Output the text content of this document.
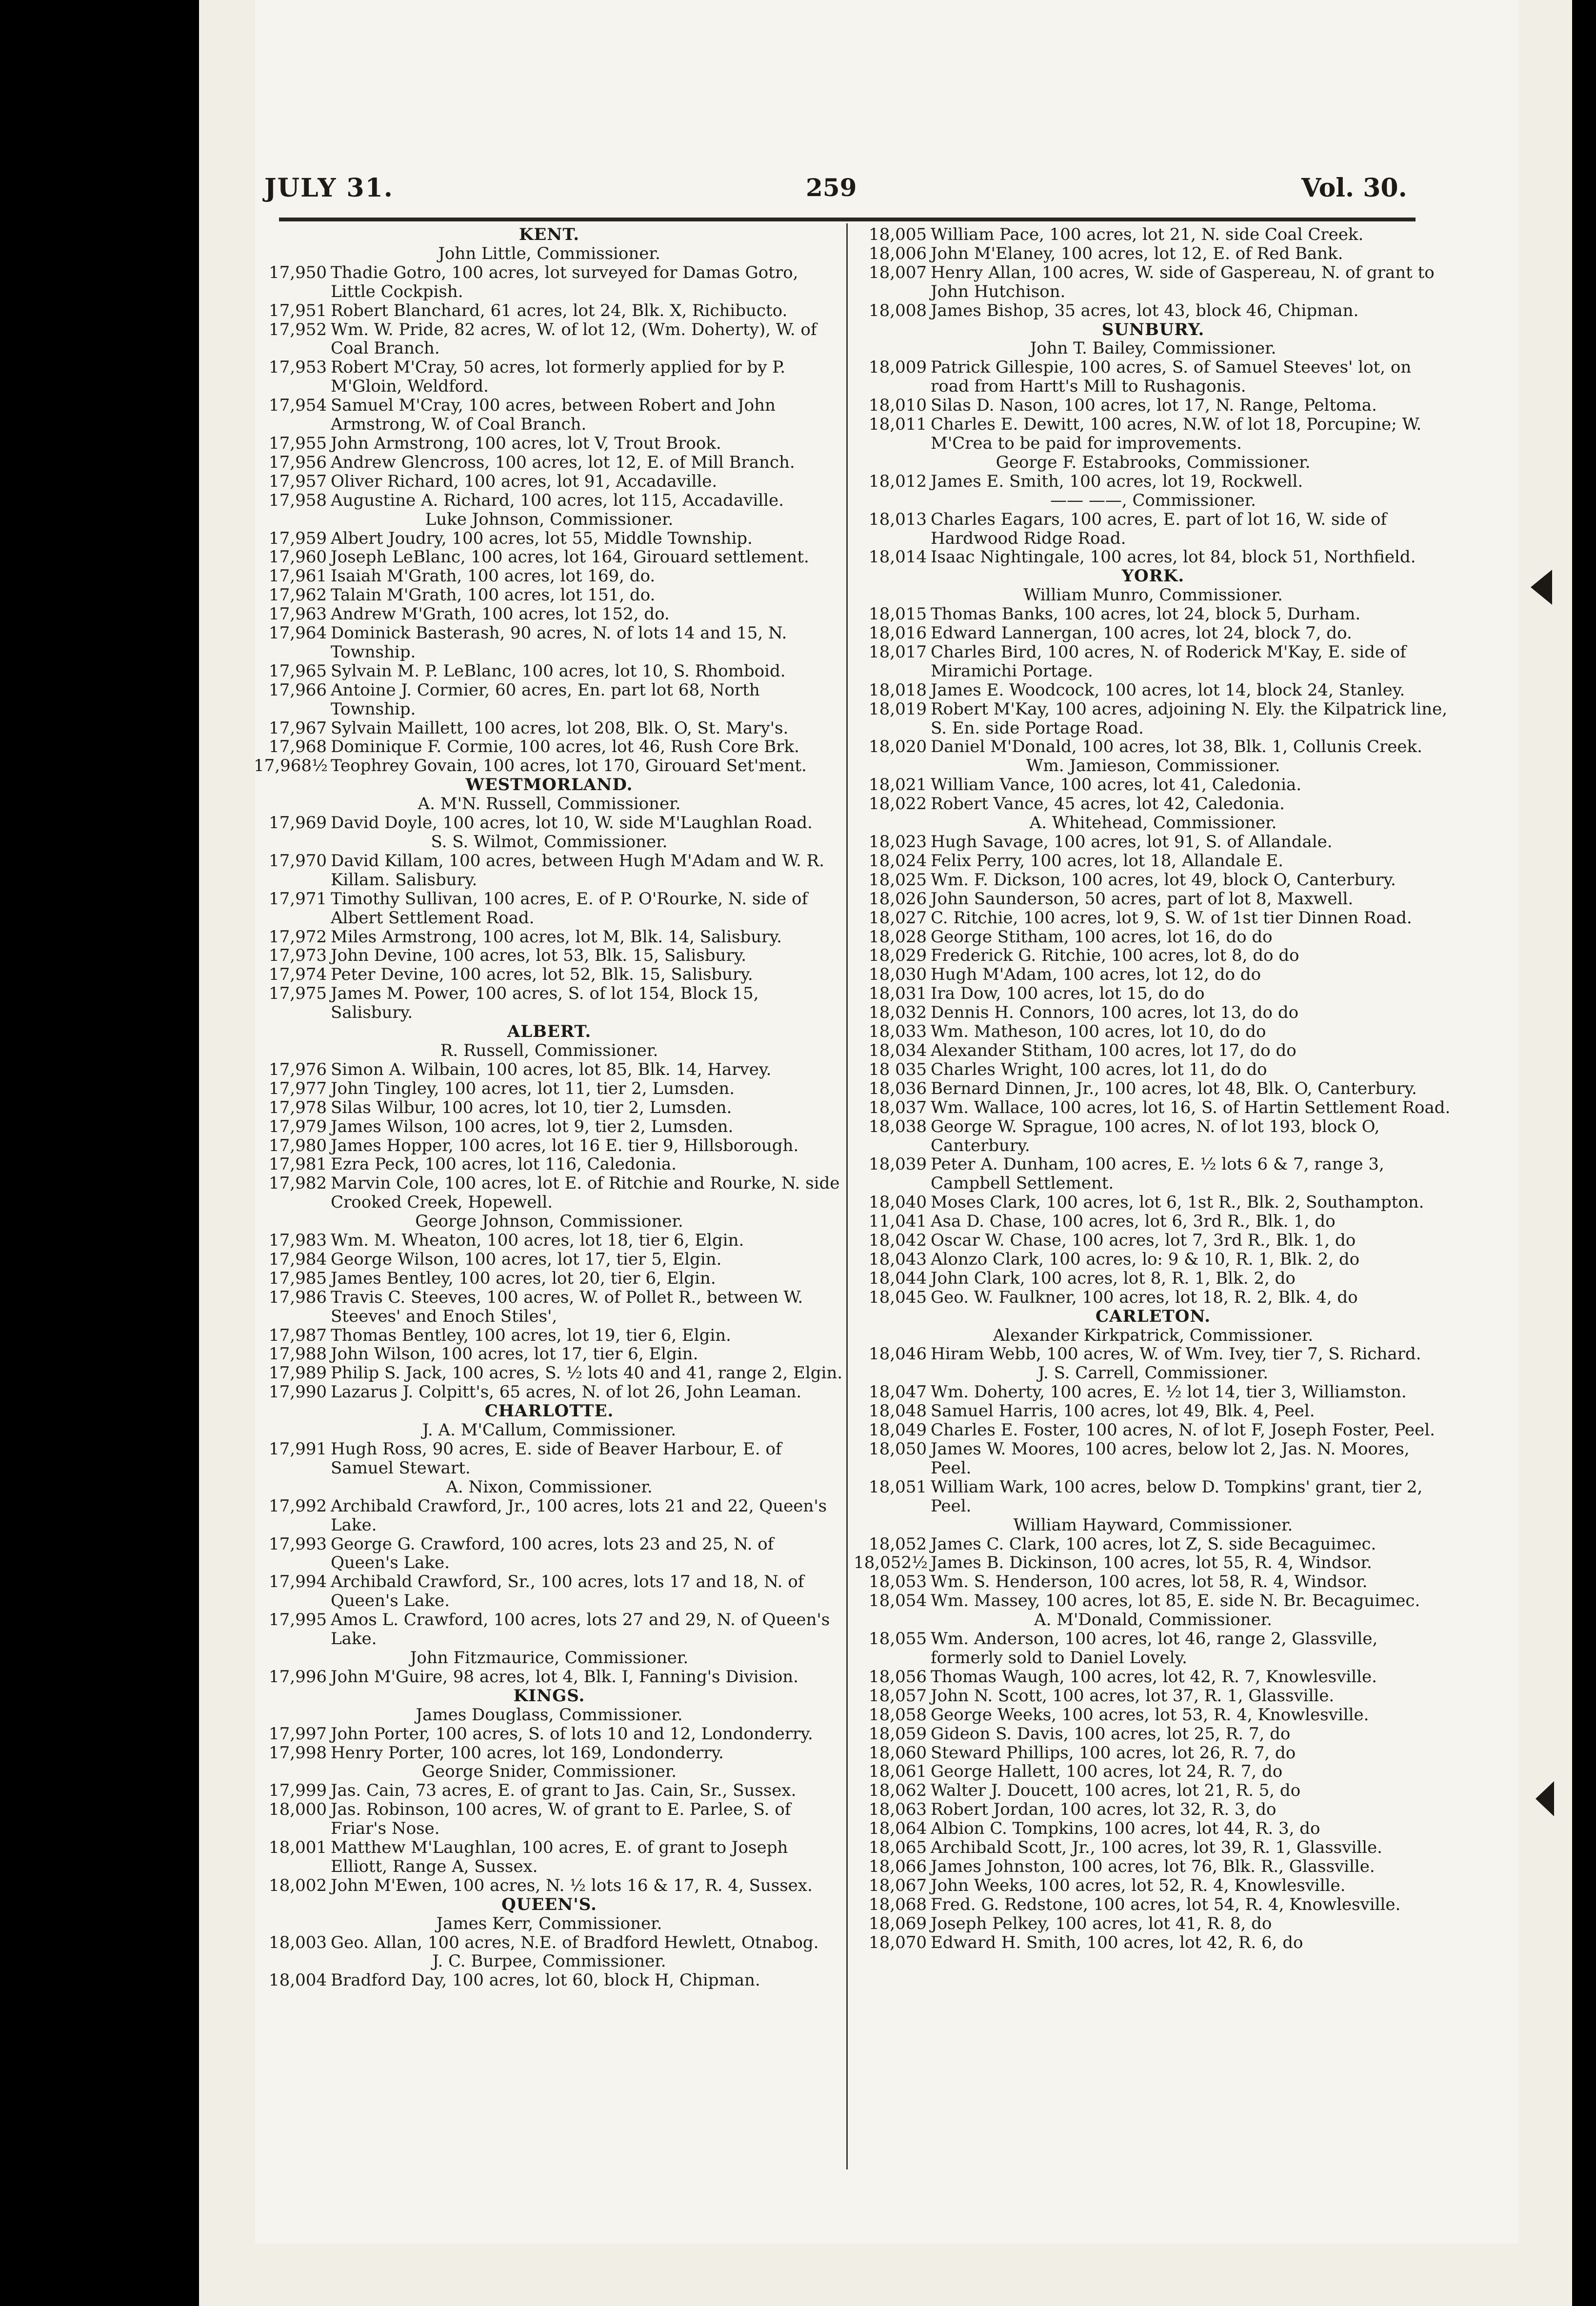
JULY 31.	259	Vol. 30.
KENT.
John Little, Commissioner.
17,950 Thadie Gotro, 100 acres, lot surveyed for Damas Gotro, Little Cockpish.
17,951 Robert Blanchard, 61 acres, lot 24, Blk. X, Richibucto.
17,952 Wm. W. Pride, 82 acres, W. of lot 12, (Wm. Doherty), W. of Coal Branch.
17,953 Robert M'Cray, 50 acres, lot formerly applied for by P. M'Gloin, Weldford.
17,954 Samuel M'Cray, 100 acres, between Robert and John Armstrong, W. of Coal Branch.
17,955 John Armstrong, 100 acres, lot V, Trout Brook.
17,956 Andrew Glencross, 100 acres, lot 12, E. of Mill Branch.
17,957 Oliver Richard, 100 acres, lot 91, Accadaville.
17,958 Augustine A. Richard, 100 acres, lot 115, Accadaville.
Luke Johnson, Commissioner.
17,959 Albert Joudry, 100 acres, lot 55, Middle Township.
17,960 Joseph LeBlanc, 100 acres, lot 164, Girouard settlement.
17,961 Isaiah M'Grath, 100 acres, lot 169, do.
17,962 Talain M'Grath, 100 acres, lot 151, do.
17,963 Andrew M'Grath, 100 acres, lot 152, do.
17,964 Dominick Basterash, 90 acres, N. of lots 14 and 15, N. Township.
17,965 Sylvain M. P. LeBlanc, 100 acres, lot 10, S. Rhomboid.
17,966 Antoine J. Cormier, 60 acres, En. part lot 68, North Township.
17,967 Sylvain Maillett, 100 acres, lot 208, Blk. O, St. Mary's.
17,968 Dominique F. Cormie, 100 acres, lot 46, Rush Core Brk.
17,968½ Teophrey Govain, 100 acres, lot 170, Girouard Set'ment.
WESTMORLAND.
A. M'N. Russell, Commissioner.
17,969 David Doyle, 100 acres, lot 10, W. side M'Laughlan Road.
S. S. Wilmot, Commissioner.
17,970 David Killam, 100 acres, between Hugh M'Adam and W. R. Killam. Salisbury.
17,971 Timothy Sullivan, 100 acres, E. of P. O'Rourke, N. side of Albert Settlement Road.
17,972 Miles Armstrong, 100 acres, lot M, Blk. 14, Salisbury.
17,973 John Devine, 100 acres, lot 53, Blk. 15, Salisbury.
17,974 Peter Devine, 100 acres, lot 52, Blk. 15, Salisbury.
17,975 James M. Power, 100 acres, S. of lot 154, Block 15, Salisbury.
ALBERT.
R. Russell, Commissioner.
17,976 Simon A. Wilbain, 100 acres, lot 85, Blk. 14, Harvey.
17,977 John Tingley, 100 acres, lot 11, tier 2, Lumsden.
17,978 Silas Wilbur, 100 acres, lot 10, tier 2, Lumsden.
17,979 James Wilson, 100 acres, lot 9, tier 2, Lumsden.
17,980 James Hopper, 100 acres, lot 16 E. tier 9, Hillsborough.
17,981 Ezra Peck, 100 acres, lot 116, Caledonia.
17,982 Marvin Cole, 100 acres, lot E. of Ritchie and Rourke, N. side Crooked Creek, Hopewell.
George Johnson, Commissioner.
17,983 Wm. M. Wheaton, 100 acres, lot 18, tier 6, Elgin.
17,984 George Wilson, 100 acres, lot 17, tier 5, Elgin.
17,985 James Bentley, 100 acres, lot 20, tier 6, Elgin.
17,986 Travis C. Steeves, 100 acres, W. of Pollet R., between W. Steeves' and Enoch Stiles',
17,987 Thomas Bentley, 100 acres, lot 19, tier 6, Elgin.
17,988 John Wilson, 100 acres, lot 17, tier 6, Elgin.
17,989 Philip S. Jack, 100 acres, S. ½ lots 40 and 41, range 2, Elgin.
17,990 Lazarus J. Colpitt's, 65 acres, N. of lot 26, John Leaman.
CHARLOTTE.
J. A. M'Callum, Commissioner.
17,991 Hugh Ross, 90 acres, E. side of Beaver Harbour, E. of Samuel Stewart.
A. Nixon, Commissioner.
17,992 Archibald Crawford, Jr., 100 acres, lots 21 and 22, Queen's Lake.
17,993 George G. Crawford, 100 acres, lots 23 and 25, N. of Queen's Lake.
17,994 Archibald Crawford, Sr., 100 acres, lots 17 and 18, N. of Queen's Lake.
17,995 Amos L. Crawford, 100 acres, lots 27 and 29, N. of Queen's Lake.
John Fitzmaurice, Commissioner.
17,996 John M'Guire, 98 acres, lot 4, Blk. I, Fanning's Division.
KINGS.
James Douglass, Commissioner.
17,997 John Porter, 100 acres, S. of lots 10 and 12, Londonderry.
17,998 Henry Porter, 100 acres, lot 169, Londonderry.
George Snider, Commissioner.
17,999 Jas. Cain, 73 acres, E. of grant to Jas. Cain, Sr., Sussex.
18,000 Jas. Robinson, 100 acres, W. of grant to E. Parlee, S. of Friar's Nose.
18,001 Matthew M'Laughlan, 100 acres, E. of grant to Joseph Elliott, Range A, Sussex.
18,002 John M'Ewen, 100 acres, N. ½ lots 16 & 17, R. 4, Sussex.
QUEEN'S.
James Kerr, Commissioner.
18,003 Geo. Allan, 100 acres, N.E. of Bradford Hewlett, Otnabog.
J. C. Burpee, Commissioner.
18,004 Bradford Day, 100 acres, lot 60, block H, Chipman.
18,005 William Pace, 100 acres, lot 21, N. side Coal Creek.
18,006 John M'Elaney, 100 acres, lot 12, E. of Red Bank.
18,007 Henry Allan, 100 acres, W. side of Gaspereau, N. of grant to John Hutchison.
18,008 James Bishop, 35 acres, lot 43, block 46, Chipman.
SUNBURY.
John T. Bailey, Commissioner.
18,009 Patrick Gillespie, 100 acres, S. of Samuel Steeves' lot, on road from Hartt's Mill to Rushagonis.
18,010 Silas D. Nason, 100 acres, lot 17, N. Range, Peltoma.
18,011 Charles E. Dewitt, 100 acres, N.W. of lot 18, Porcupine; W. M'Crea to be paid for improvements.
George F. Estabrooks, Commissioner.
18,012 James E. Smith, 100 acres, lot 19, Rockwell.
—— ——, Commissioner.
18,013 Charles Eagars, 100 acres, E. part of lot 16, W. side of Hardwood Ridge Road.
18,014 Isaac Nightingale, 100 acres, lot 84, block 51, Northfield.
YORK.
William Munro, Commissioner.
18,015 Thomas Banks, 100 acres, lot 24, block 5, Durham.
18,016 Edward Lannergan, 100 acres, lot 24, block 7, do.
18,017 Charles Bird, 100 acres, N. of Roderick M'Kay, E. side of Miramichi Portage.
18,018 James E. Woodcock, 100 acres, lot 14, block 24, Stanley.
18,019 Robert M'Kay, 100 acres, adjoining N. Ely. the Kilpatrick line, S. En. side Portage Road.
18,020 Daniel M'Donald, 100 acres, lot 38, Blk. 1, Collunis Creek.
Wm. Jamieson, Commissioner.
18,021 William Vance, 100 acres, lot 41, Caledonia.
18,022 Robert Vance, 45 acres, lot 42, Caledonia.
A. Whitehead, Commissioner.
18,023 Hugh Savage, 100 acres, lot 91, S. of Allandale.
18,024 Felix Perry, 100 acres, lot 18, Allandale E.
18,025 Wm. F. Dickson, 100 acres, lot 49, block O, Canterbury.
18,026 John Saunderson, 50 acres, part of lot 8, Maxwell.
18,027 C. Ritchie, 100 acres, lot 9, S. W. of 1st tier Dinnen Road.
18,028 George Stitham, 100 acres, lot 16, do do
18,029 Frederick G. Ritchie, 100 acres, lot 8, do do
18,030 Hugh M'Adam, 100 acres, lot 12, do do
18,031 Ira Dow, 100 acres, lot 15, do do
18,032 Dennis H. Connors, 100 acres, lot 13, do do
18,033 Wm. Matheson, 100 acres, lot 10, do do
18,034 Alexander Stitham, 100 acres, lot 17, do do
18 035 Charles Wright, 100 acres, lot 11, do do
18,036 Bernard Dinnen, Jr., 100 acres, lot 48, Blk. O, Canterbury.
18,037 Wm. Wallace, 100 acres, lot 16, S. of Hartin Settlement Road.
18,038 George W. Sprague, 100 acres, N. of lot 193, block O, Canterbury.
18,039 Peter A. Dunham, 100 acres, E. ½ lots 6 & 7, range 3, Campbell Settlement.
18,040 Moses Clark, 100 acres, lot 6, 1st R., Blk. 2, Southampton.
11,041 Asa D. Chase, 100 acres, lot 6, 3rd R., Blk. 1, do
18,042 Oscar W. Chase, 100 acres, lot 7, 3rd R., Blk. 1, do
18,043 Alonzo Clark, 100 acres, lo: 9 & 10, R. 1, Blk. 2, do
18,044 John Clark, 100 acres, lot 8, R. 1, Blk. 2, do
18,045 Geo. W. Faulkner, 100 acres, lot 18, R. 2, Blk. 4, do
CARLETON.
Alexander Kirkpatrick, Commissioner.
18,046 Hiram Webb, 100 acres, W. of Wm. Ivey, tier 7, S. Richard.
J. S. Carrell, Commissioner.
18,047 Wm. Doherty, 100 acres, E. ½ lot 14, tier 3, Williamston.
18,048 Samuel Harris, 100 acres, lot 49, Blk. 4, Peel.
18,049 Charles E. Foster, 100 acres, N. of lot F, Joseph Foster, Peel.
18,050 James W. Moores, 100 acres, below lot 2, Jas. N. Moores, Peel.
18,051 William Wark, 100 acres, below D. Tompkins' grant, tier 2, Peel.
William Hayward, Commissioner.
18,052 James C. Clark, 100 acres, lot Z, S. side Becaguimec.
18,052½ James B. Dickinson, 100 acres, lot 55, R. 4, Windsor.
18,053 Wm. S. Henderson, 100 acres, lot 58, R. 4, Windsor.
18,054 Wm. Massey, 100 acres, lot 85, E. side N. Br. Becaguimec.
A. M'Donald, Commissioner.
18,055 Wm. Anderson, 100 acres, lot 46, range 2, Glassville, formerly sold to Daniel Lovely.
18,056 Thomas Waugh, 100 acres, lot 42, R. 7, Knowlesville.
18,057 John N. Scott, 100 acres, lot 37, R. 1, Glassville.
18,058 George Weeks, 100 acres, lot 53, R. 4, Knowlesville.
18,059 Gideon S. Davis, 100 acres, lot 25, R. 7, do
18,060 Steward Phillips, 100 acres, lot 26, R. 7, do
18,061 George Hallett, 100 acres, lot 24, R. 7, do
18,062 Walter J. Doucett, 100 acres, lot 21, R. 5, do
18,063 Robert Jordan, 100 acres, lot 32, R. 3, do
18,064 Albion C. Tompkins, 100 acres, lot 44, R. 3, do
18,065 Archibald Scott, Jr., 100 acres, lot 39, R. 1, Glassville.
18,066 James Johnston, 100 acres, lot 76, Blk. R., Glassville.
18,067 John Weeks, 100 acres, lot 52, R. 4, Knowlesville.
18,068 Fred. G. Redstone, 100 acres, lot 54, R. 4, Knowlesville.
18,069 Joseph Pelkey, 100 acres, lot 41, R. 8, do
18,070 Edward H. Smith, 100 acres, lot 42, R. 6, do
